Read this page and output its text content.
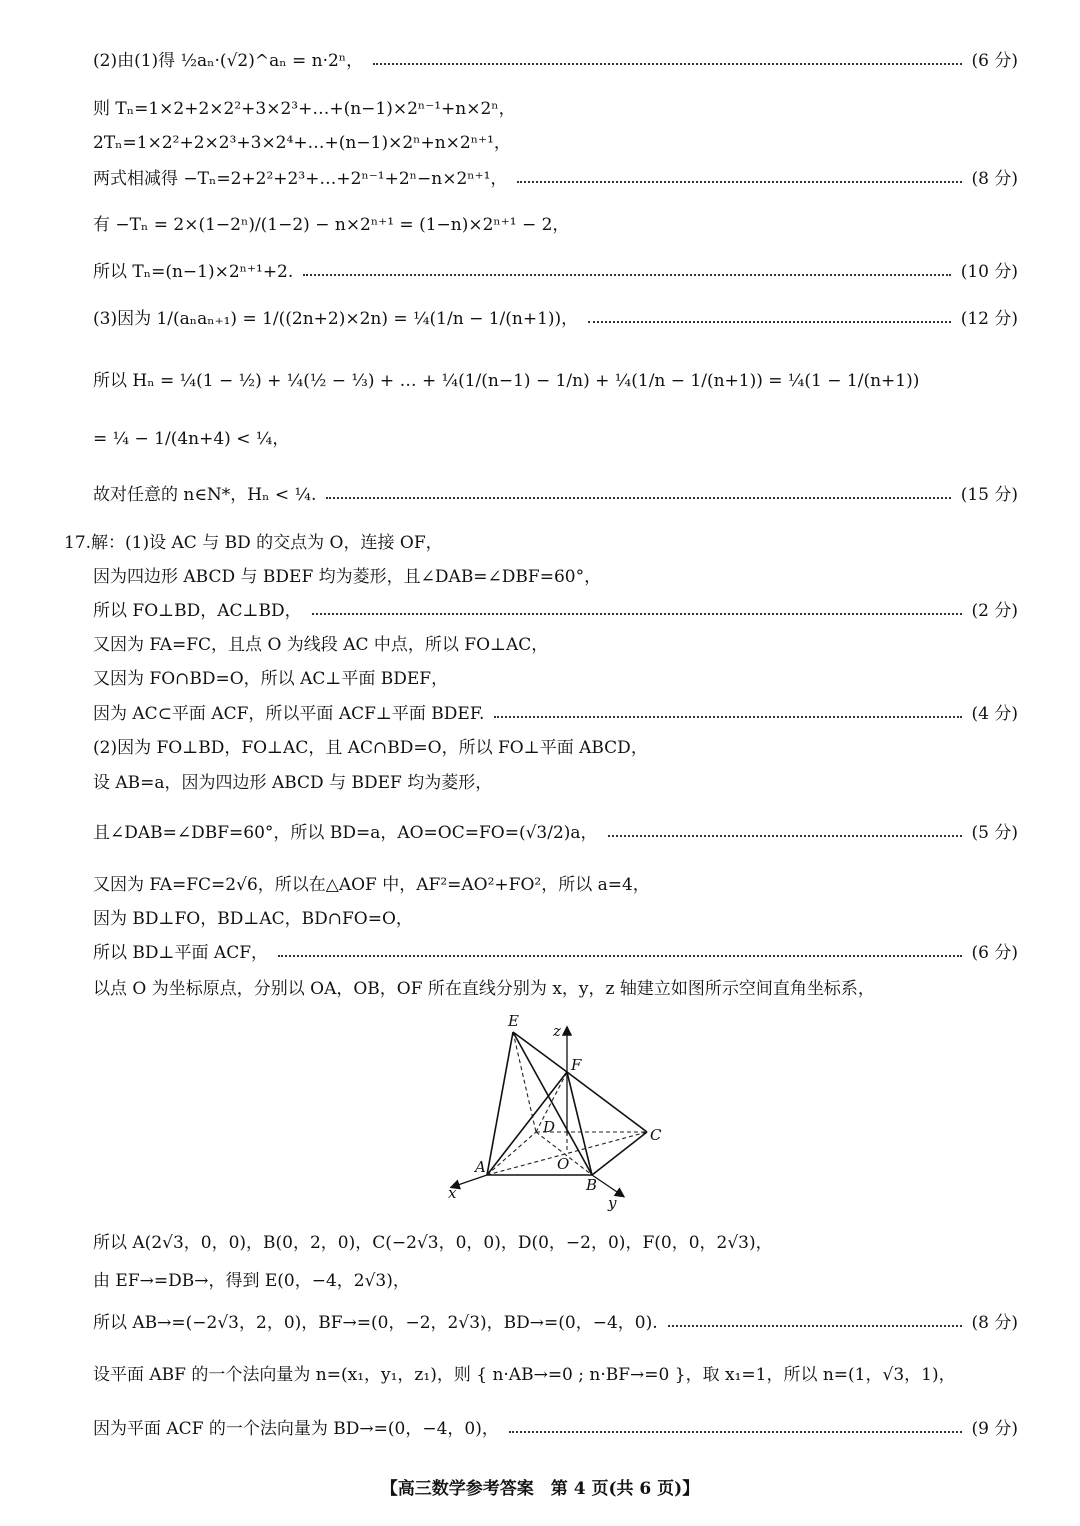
(2)由(1)得 ½aₙ·(√2)^aₙ = n·2ⁿ，	(6 分)
则 Tₙ=1×2+2×2²+3×2³+…+(n−1)×2ⁿ⁻¹+n×2ⁿ，
2Tₙ=1×2²+2×2³+3×2⁴+…+(n−1)×2ⁿ+n×2ⁿ⁺¹，
两式相减得 −Tₙ=2+2²+2³+…+2ⁿ⁻¹+2ⁿ−n×2ⁿ⁺¹，	(8 分)
有 −Tₙ = 2×(1−2ⁿ)/(1−2) − n×2ⁿ⁺¹ = (1−n)×2ⁿ⁺¹ − 2，
所以 Tₙ=(n−1)×2ⁿ⁺¹+2.	(10 分)
(3)因为 1/(aₙaₙ₊₁) = 1/((2n+2)×2n) = ¼(1/n − 1/(n+1))，	(12 分)
所以 Hₙ = ¼(1 − ½) + ¼(½ − ⅓) + … + ¼(1/(n−1) − 1/n) + ¼(1/n − 1/(n+1)) = ¼(1 − 1/(n+1))
= ¼ − 1/(4n+4) < ¼，
故对任意的 n∈N*，Hₙ < ¼.	(15 分)
17.解：(1)设 AC 与 BD 的交点为 O，连接 OF，
因为四边形 ABCD 与 BDEF 均为菱形，且∠DAB=∠DBF=60°，
所以 FO⊥BD，AC⊥BD，	(2 分)
又因为 FA=FC，且点 O 为线段 AC 中点，所以 FO⊥AC，
又因为 FO∩BD=O，所以 AC⊥平面 BDEF，
因为 AC⊂平面 ACF，所以平面 ACF⊥平面 BDEF.	(4 分)
(2)因为 FO⊥BD，FO⊥AC，且 AC∩BD=O，所以 FO⊥平面 ABCD，
设 AB=a，因为四边形 ABCD 与 BDEF 均为菱形，
且∠DAB=∠DBF=60°，所以 BD=a，AO=OC=FO=(√3/2)a，	(5 分)
又因为 FA=FC=2√6，所以在△AOF 中，AF²=AO²+FO²，所以 a=4，
因为 BD⊥FO，BD⊥AC，BD∩FO=O，
所以 BD⊥平面 ACF，	(6 分)
以点 O 为坐标原点，分别以 OA，OB，OF 所在直线分别为 x，y，z 轴建立如图所示空间直角坐标系，
E
z
F
D	C
A	O
B
x
y
所以 A(2√3，0，0)，B(0，2，0)，C(−2√3，0，0)，D(0，−2，0)，F(0，0，2√3)，
由 EF→=DB→，得到 E(0，−4，2√3)，
所以 AB→=(−2√3，2，0)，BF→=(0，−2，2√3)，BD→=(0，−4，0).	(8 分)
设平面 ABF 的一个法向量为 n=(x₁，y₁，z₁)，则 { n·AB→=0 ; n·BF→=0 }，取 x₁=1，所以 n=(1，√3，1)，
因为平面 ACF 的一个法向量为 BD→=(0，−4，0)，	(9 分)
【高三数学参考答案　第 4 页(共 6 页)】
